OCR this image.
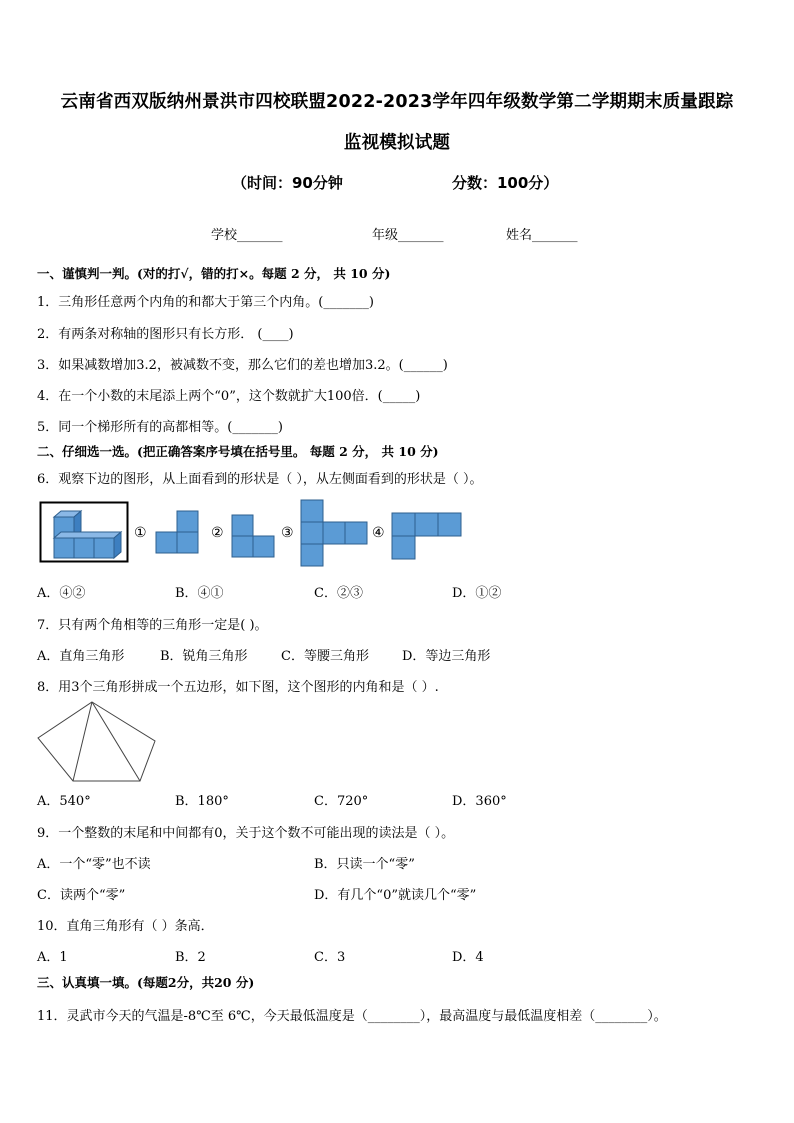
云南省西双版纳州景洪市四校联盟2022-2023学年四年级数学第二学期期末质量跟踪
监视模拟试题
（时间：90分钟	分数：100分）
学校_______	年级_______	姓名_______
一、谨慎判一判。(对的打√，错的打×。每题 2 分， 共 10 分)
1．三角形任意两个内角的和都大于第三个内角。(_______)
2．有两条对称轴的图形只有长方形． (____)
3．如果减数增加3.2，被减数不变，那么它们的差也增加3.2。(______)
4．在一个小数的末尾添上两个“0”，这个数就扩大100倍．(_____)
5．同一个梯形所有的高都相等。(_______)
二、仔细选一选。(把正确答案序号填在括号里。 每题 2 分， 共 10 分)
6．观察下边的图形，从上面看到的形状是（ ），从左侧面看到的形状是（ ）。
①	②	③	④
A．④②	B．④①	C．②③	D．①②
7．只有两个角相等的三角形一定是( )。
A．直角三角形	B．锐角三角形	C．等腰三角形	D．等边三角形
8．用3个三角形拼成一个五边形，如下图，这个图形的内角和是（ ）.
A．540°	B．180°	C．720°	D．360°
9．一个整数的末尾和中间都有0，关于这个数不可能出现的读法是（ ）。
A．一个“零”也不读	B．只读一个“零”
C．读两个“零”	D．有几个“0”就读几个“零”
10．直角三角形有（ ）条高．
A．1	B．2	C．3	D．4
三、认真填一填。(每题2分，共20 分)
11．灵武市今天的气温是-8℃至 6℃，今天最低温度是（________），最高温度与最低温度相差（________）。
